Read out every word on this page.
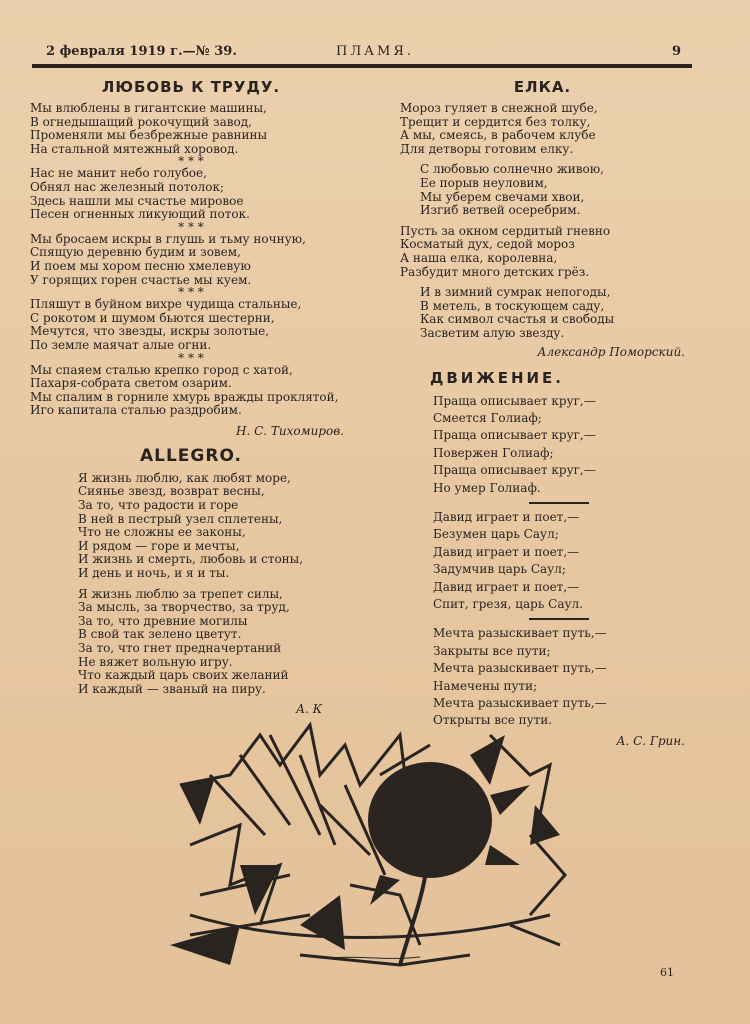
2 февраля 1919 г.—№ 39.	ПЛАМЯ.	9
ЛЮБОВЬ К ТРУДУ.
Мы влюблены в гигантские машины,
В огнедышащий рокочущий завод,
Променяли мы безбрежные равнины
На стальной мятежный хоровод.
* * *
Нас не манит небо голубое,
Обнял нас железный потолок;
Здесь нашли мы счастье мировое
Песен огненных ликующий поток.
* * *
Мы бросаем искры в глушь и тьму ночную,
Спящую деревню будим и зовем,
И поем мы хором песню хмелевую
У горящих горен счастье мы куем.
* * *
Пляшут в буйном вихре чудища стальные,
С рокотом и шумом бьются шестерни,
Мечутся, что звезды, искры золотые,
По земле маячат алые огни.
* * *
Мы спаяем сталью крепко город с хатой,
Пахаря-собрата светом озарим.
Мы спалим в горниле хмурь вражды проклятой,
Иго капитала сталью раздробим.
Н. С. Тихомиров.
ALLEGRO.
Я жизнь люблю, как любят море,
Сиянье звезд, возврат весны,
За то, что радости и горе
В ней в пестрый узел сплетены,
Что не сложны ее законы,
И рядом — горе и мечты,
И жизнь и смерть, любовь и стоны,
И день и ночь, и я и ты.
Я жизнь люблю за трепет силы,
За мысль, за творчество, за труд,
За то, что древние могилы
В свой так зелено цветут.
За то, что гнет предначертаний
Не вяжет вольную игру.
Что каждый царь своих желаний
И каждый — званый на пиру.
А. К
ЕЛКА.
Мороз гуляет в снежной шубе,
Трещит и сердится без толку,
А мы, смеясь, в рабочем клубе
Для детворы готовим елку.
С любовью солнечно живою,
Ее порыв неуловим,
Мы уберем свечами хвои,
Изгиб ветвей осеребрим.
Пусть за окном сердитый гневно
Косматый дух, седой мороз
А наша елка, королевна,
Разбудит много детских грёз.
И в зимний сумрак непогоды,
В метель, в тоскующем саду,
Как символ счастья и свободы
Засветим алую звезду.
Александр Поморский.
ДВИЖЕНИЕ.
Праща описывает круг,—
Смеется Голиаф;
Праща описывает круг,—
Повержен Голиаф;
Праща описывает круг,—
Но умер Голиаф.
Давид играет и поет,—
Безумен царь Саул;
Давид играет и поет,—
Задумчив царь Саул;
Давид играет и поет,—
Спит, грезя, царь Саул.
Мечта разыскивает путь,—
Закрыты все пути;
Мечта разыскивает путь,—
Намечены пути;
Мечта разыскивает путь,—
Открыты все пути.
А. С. Грин.
61
